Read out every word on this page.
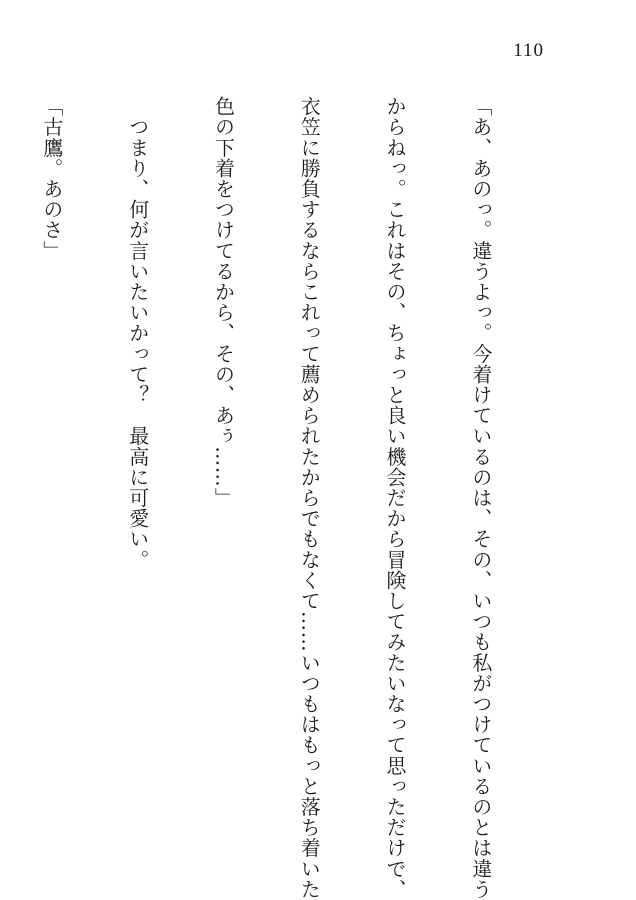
110

「あ、あのっ。違うよっ。今着けているのは、その、いつも私がつけているのとは違う

からねっ。これはその、ちょっと良い機会だから冒険してみたいなって思っただけで、

衣笠に勝負するならこれって薦められたからでもなくて……いつもはもっと落ち着いた

色の下着をつけてるから、その、あぅ……」

　つまり、何が言いたいかって？　最高に可愛い。

「古鷹。あのさ」
